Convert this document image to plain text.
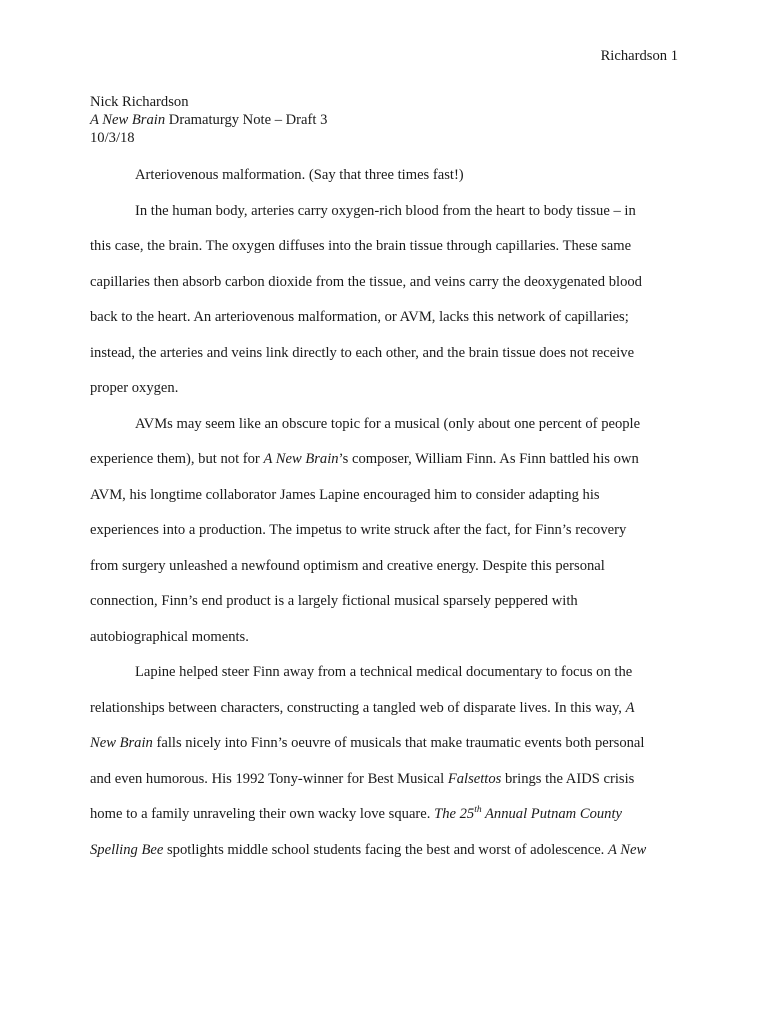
Richardson 1
Nick Richardson
A New Brain Dramaturgy Note – Draft 3
10/3/18
Arteriovenous malformation. (Say that three times fast!)
In the human body, arteries carry oxygen-rich blood from the heart to body tissue – in
this case, the brain. The oxygen diffuses into the brain tissue through capillaries. These same
capillaries then absorb carbon dioxide from the tissue, and veins carry the deoxygenated blood
back to the heart. An arteriovenous malformation, or AVM, lacks this network of capillaries;
instead, the arteries and veins link directly to each other, and the brain tissue does not receive
proper oxygen.
AVMs may seem like an obscure topic for a musical (only about one percent of people
experience them), but not for A New Brain’s composer, William Finn. As Finn battled his own
AVM, his longtime collaborator James Lapine encouraged him to consider adapting his
experiences into a production. The impetus to write struck after the fact, for Finn’s recovery
from surgery unleashed a newfound optimism and creative energy. Despite this personal
connection, Finn’s end product is a largely fictional musical sparsely peppered with
autobiographical moments.
Lapine helped steer Finn away from a technical medical documentary to focus on the
relationships between characters, constructing a tangled web of disparate lives. In this way, A
New Brain falls nicely into Finn’s oeuvre of musicals that make traumatic events both personal
and even humorous. His 1992 Tony-winner for Best Musical Falsettos brings the AIDS crisis
home to a family unraveling their own wacky love square. The 25th Annual Putnam County
Spelling Bee spotlights middle school students facing the best and worst of adolescence. A New
